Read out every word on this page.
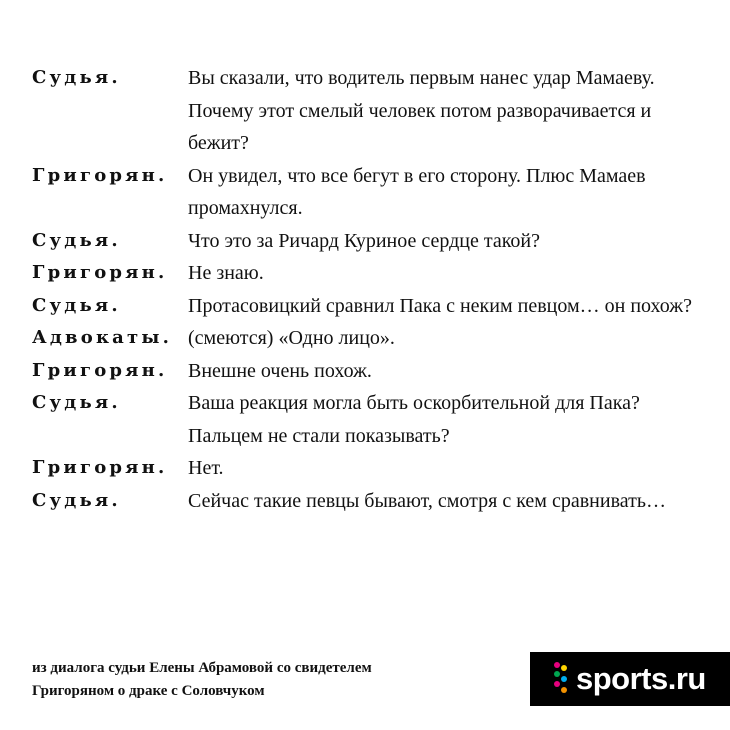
Судья.	Вы сказали, что водитель первым нанес удар Мамаеву.
Почему этот смелый человек потом разворачивается и
бежит?
Григорян.	Он увидел, что все бегут в его сторону. Плюс Мамаев
промахнулся.
Судья.	Что это за Ричард Куриное сердце такой?
Григорян.	Не знаю.
Судья.	Протасовицкий сравнил Пака с неким певцом… он похож?
Адвокаты. (смеются) «Одно лицо».
Григорян.	Внешне очень похож.
Судья.	Ваша реакция могла быть оскорбительной для Пака?
Пальцем не стали показывать?
Григорян.	Нет.
Судья.	Сейчас такие певцы бывают, смотря с кем сравнивать…
из диалога судьи Елены Абрамовой со свидетелем
Григоряном о драке с Соловчуком	sports.ru
